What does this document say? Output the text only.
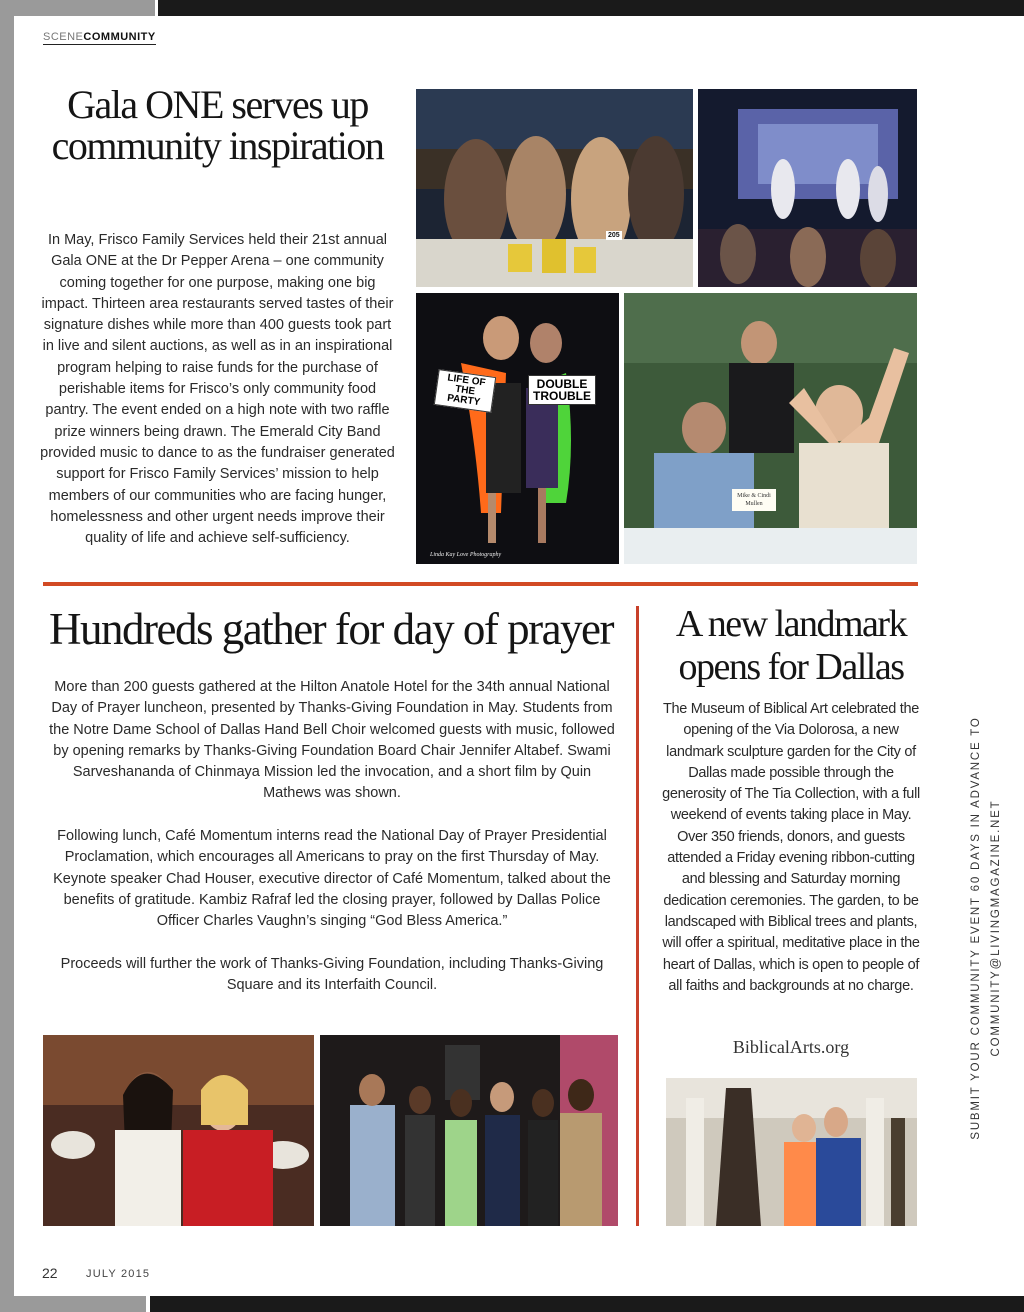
SCENECOMMUNITY
Gala ONE serves up community inspiration

In May, Frisco Family Services held their 21st annual Gala ONE at the Dr Pepper Arena – one community coming together for one purpose, making one big impact. Thirteen area restaurants served tastes of their signature dishes while more than 400 guests took part in live and silent auctions, as well as in an inspirational program helping to raise funds for the purchase of perishable items for Frisco’s only community food pantry. The event ended on a high note with two raffle prize winners being drawn. The Emerald City Band provided music to dance to as the fundraiser generated support for Frisco Family Services’ mission to help members of our communities who are facing hunger, homelessness and other urgent needs improve their quality of life and achieve self-sufficiency.

205
LIFE OF THE PARTY
DOUBLE TROUBLE
Linda Kay Love Photography
Mike & Cindi Mullen
Hundreds gather for day of prayer

More than 200 guests gathered at the Hilton Anatole Hotel for the 34th annual National Day of Prayer luncheon, presented by Thanks-Giving Foundation in May. Students from the Notre Dame School of Dallas Hand Bell Choir welcomed guests with music, followed by opening remarks by Thanks-Giving Foundation Board Chair Jennifer Altabef. Swami Sarveshananda of Chinmaya Mission led the invocation, and a short film by Quin Mathews was shown.

Following lunch, Café Momentum interns read the National Day of Prayer Presidential Proclamation, which encourages all Americans to pray on the first Thursday of May. Keynote speaker Chad Houser, executive director of Café Momentum, talked about the benefits of gratitude. Kambiz Rafraf led the closing prayer, followed by Dallas Police Officer Charles Vaughn’s singing “God Bless America.”

Proceeds will further the work of Thanks-Giving Foundation, including Thanks-Giving Square and its Interfaith Council.

A new landmark opens for Dallas

The Museum of Biblical Art celebrated the opening of the Via Dolorosa, a new landmark sculpture garden for the City of Dallas made possible through the generosity of The Tia Collection, with a full weekend of events taking place in May. Over 350 friends, donors, and guests attended a Friday evening ribbon-cutting and blessing and Saturday morning dedication ceremonies. The garden, to be landscaped with Biblical trees and plants, will offer a spiritual, meditative place in the heart of Dallas, which is open to people of all faiths and backgrounds at no charge.

BiblicalArts.org	SUBMIT YOUR COMMUNITY EVENT 60 DAYS IN ADVANCE TO COMMUNITY@LIVINGMAGAZINE.NET
22	JULY 2015
